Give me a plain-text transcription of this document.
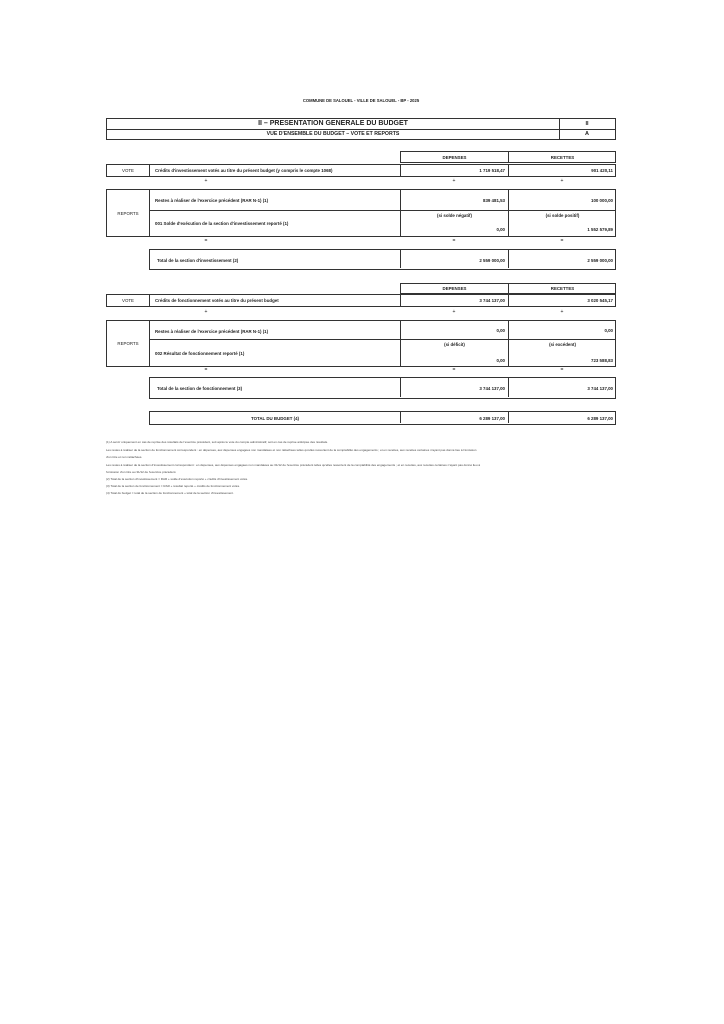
COMMUNE DE SALOUEL - VILLE DE SALOUEL - BP - 2025
II – PRESENTATION GENERALE DU BUDGET
VUE D'ENSEMBLE DU BUDGET – VOTE ET REPORTS
II
A
DEPENSES	RECETTES
VOTE	Crédits d'investissement votés au titre du présent budget (y compris le compte 1068)	1 719 518,47	901 420,11
+	+	+
REPORTS
Restes à réaliser de l'exercice précédent (RAR N-1) (1)	839 481,53	100 000,00
001 Solde d'exécution de la section d'investissement reporté (1)
(si solde négatif)	(si solde positif)
0,00	1 552 579,89
=	=	=
Total de la section d'investissement (2)	2 559 000,00	2 559 000,00
DEPENSES	RECETTES
VOTE	Crédits de fonctionnement votés au titre du présent budget	3 744 137,00	3 020 545,17
+	+	+
REPORTS
Restes à réaliser de l'exercice précédent (RAR N-1) (1)	0,00	0,00
002 Résultat de fonctionnement reporté (1)
(si déficit)	(si excédent)
0,00	723 588,83
=	=	=
Total de la section de fonctionnement (3)	3 744 137,00	3 744 137,00
TOTAL DU BUDGET (4)	6 289 137,00	6 289 137,00
(1) A servir uniquement en cas de reprise des résultats de l'exercice précédent, soit après le vote du compte administratif, soit en cas de reprise anticipée des résultats.
Les restes à réaliser de la section de fonctionnement correspondent : en dépenses, aux dépenses engagées non mandatées et non rattachées telles qu'elles ressortent de la comptabilité des engagements ; et en recettes, aux recettes certaines n'ayant pas donné lieu à l'émission
d'un titre et non rattachées.
Les restes à réaliser de la section d'investissement correspondent : en dépenses, aux dépenses engagées non mandatées au 31/12 de l'exercice précédent telles qu'elles ressortent de la comptabilité des engagements ; et en recettes, aux recettes certaines n'ayant pas donné lieu à
l'émission d'un titre au 31/12 de l'exercice précédent.
(2) Total de la section d'investissement = RAR + solde d'exécution reporté + crédits d'investissement votés.
(3) Total de la section de fonctionnement = RAR + résultat reporté + crédits de fonctionnement votés.
(4) Total du budget = total de la section de fonctionnement + total de la section d'investissement.
